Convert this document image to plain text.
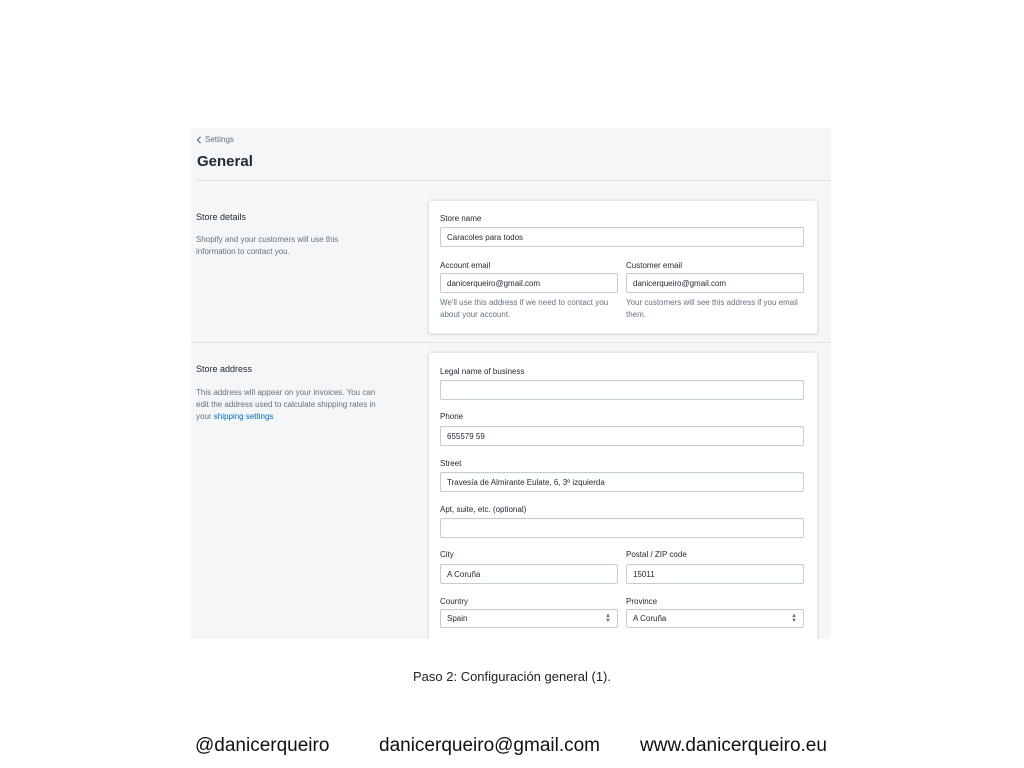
Settings
General
Store details
Shopify and your customers will use this information to contact you.
Store name
Caracoles para todos
Account email
danicerqueiro@gmail.com
We'll use this address if we need to contact you about your account.
Customer email
danicerqueiro@gmail.com
Your customers will see this address if you email them.
Store address
This address will appear on your invoices. You can edit the address used to calculate shipping rates in your shipping settings
Legal name of business
Phone
655579 59
Street
Travesía de Almirante Eulate, 6, 3º izquierda
Apt, suite, etc. (optional)
City
A Coruña
Postal / ZIP code
15011
Country
Spain	▲
▼
Province
A Coruña	▲
▼
Paso 2: Configuración general (1).
@danicerqueiro	danicerqueiro@gmail.com www.danicerqueiro.eu
